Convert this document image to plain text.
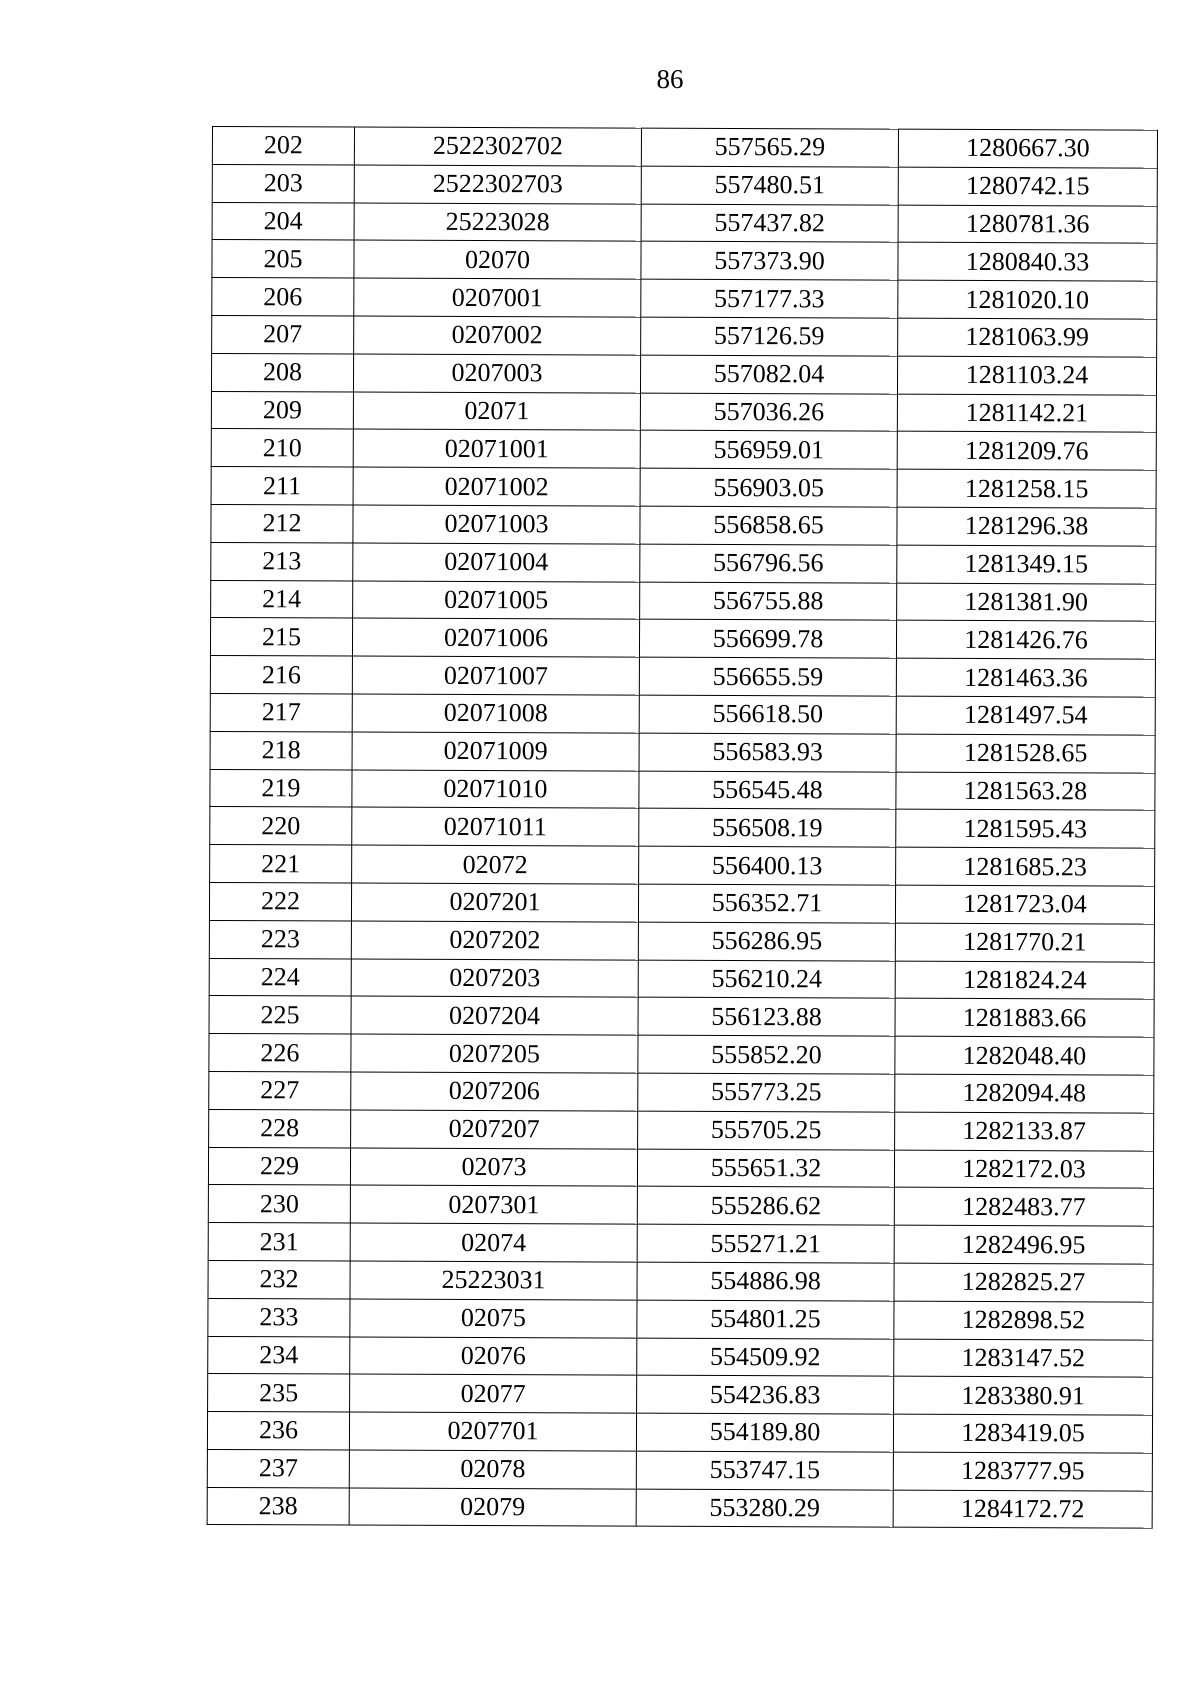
86
202	2522302702	557565.29	1280667.30
203	2522302703	557480.51	1280742.15
204	25223028	557437.82	1280781.36
205	02070	557373.90	1280840.33
206	0207001	557177.33	1281020.10
207	0207002	557126.59	1281063.99
208	0207003	557082.04	1281103.24
209	02071	557036.26	1281142.21
210	02071001	556959.01	1281209.76
211	02071002	556903.05	1281258.15
212	02071003	556858.65	1281296.38
213	02071004	556796.56	1281349.15
214	02071005	556755.88	1281381.90
215	02071006	556699.78	1281426.76
216	02071007	556655.59	1281463.36
217	02071008	556618.50	1281497.54
218	02071009	556583.93	1281528.65
219	02071010	556545.48	1281563.28
220	02071011	556508.19	1281595.43
221	02072	556400.13	1281685.23
222	0207201	556352.71	1281723.04
223	0207202	556286.95	1281770.21
224	0207203	556210.24	1281824.24
225	0207204	556123.88	1281883.66
226	0207205	555852.20	1282048.40
227	0207206	555773.25	1282094.48
228	0207207	555705.25	1282133.87
229	02073	555651.32	1282172.03
230	0207301	555286.62	1282483.77
231	02074	555271.21	1282496.95
232	25223031	554886.98	1282825.27
233	02075	554801.25	1282898.52
234	02076	554509.92	1283147.52
235	02077	554236.83	1283380.91
236	0207701	554189.80	1283419.05
237	02078	553747.15	1283777.95
238	02079	553280.29	1284172.72
